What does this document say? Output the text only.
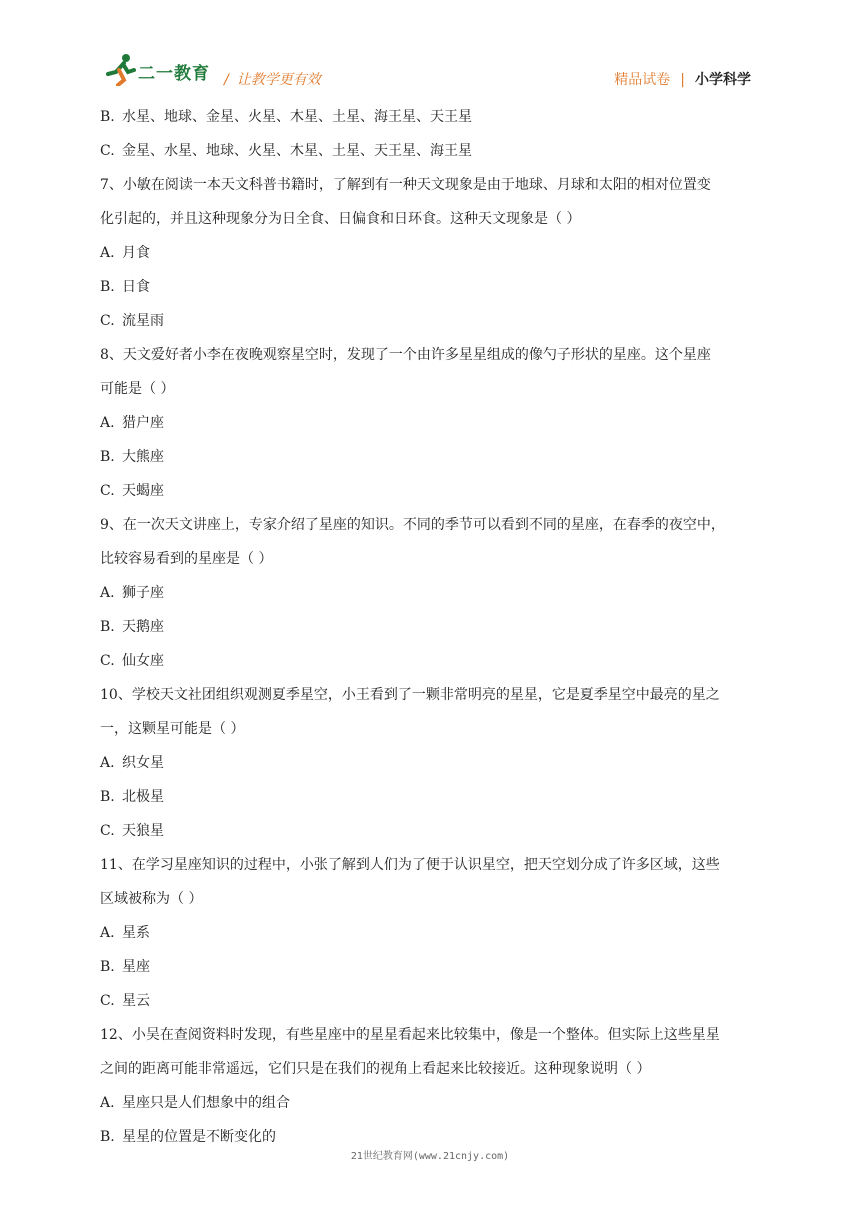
二一教育 / 让教学更有效	精品试卷 | 小学科学
B. 水星、地球、金星、火星、木星、土星、海王星、天王星
C. 金星、水星、地球、火星、木星、土星、天王星、海王星
7、小敏在阅读一本天文科普书籍时，了解到有一种天文现象是由于地球、月球和太阳的相对位置变
化引起的，并且这种现象分为日全食、日偏食和日环食。这种天文现象是（ ）
A. 月食
B. 日食
C. 流星雨
8、天文爱好者小李在夜晚观察星空时，发现了一个由许多星星组成的像勺子形状的星座。这个星座
可能是（ ）
A. 猎户座
B. 大熊座
C. 天蝎座
9、在一次天文讲座上，专家介绍了星座的知识。不同的季节可以看到不同的星座，在春季的夜空中，
比较容易看到的星座是（ ）
A. 狮子座
B. 天鹅座
C. 仙女座
10、学校天文社团组织观测夏季星空，小王看到了一颗非常明亮的星星，它是夏季星空中最亮的星之
一，这颗星可能是（ ）
A. 织女星
B. 北极星
C. 天狼星
11、在学习星座知识的过程中，小张了解到人们为了便于认识星空，把天空划分成了许多区域，这些
区域被称为（ ）
A. 星系
B. 星座
C. 星云
12、小吴在查阅资料时发现，有些星座中的星星看起来比较集中，像是一个整体。但实际上这些星星
之间的距离可能非常遥远，它们只是在我们的视角上看起来比较接近。这种现象说明（ ）
A. 星座只是人们想象中的组合
B. 星星的位置是不断变化的
21世纪教育网(www.21cnjy.com)
